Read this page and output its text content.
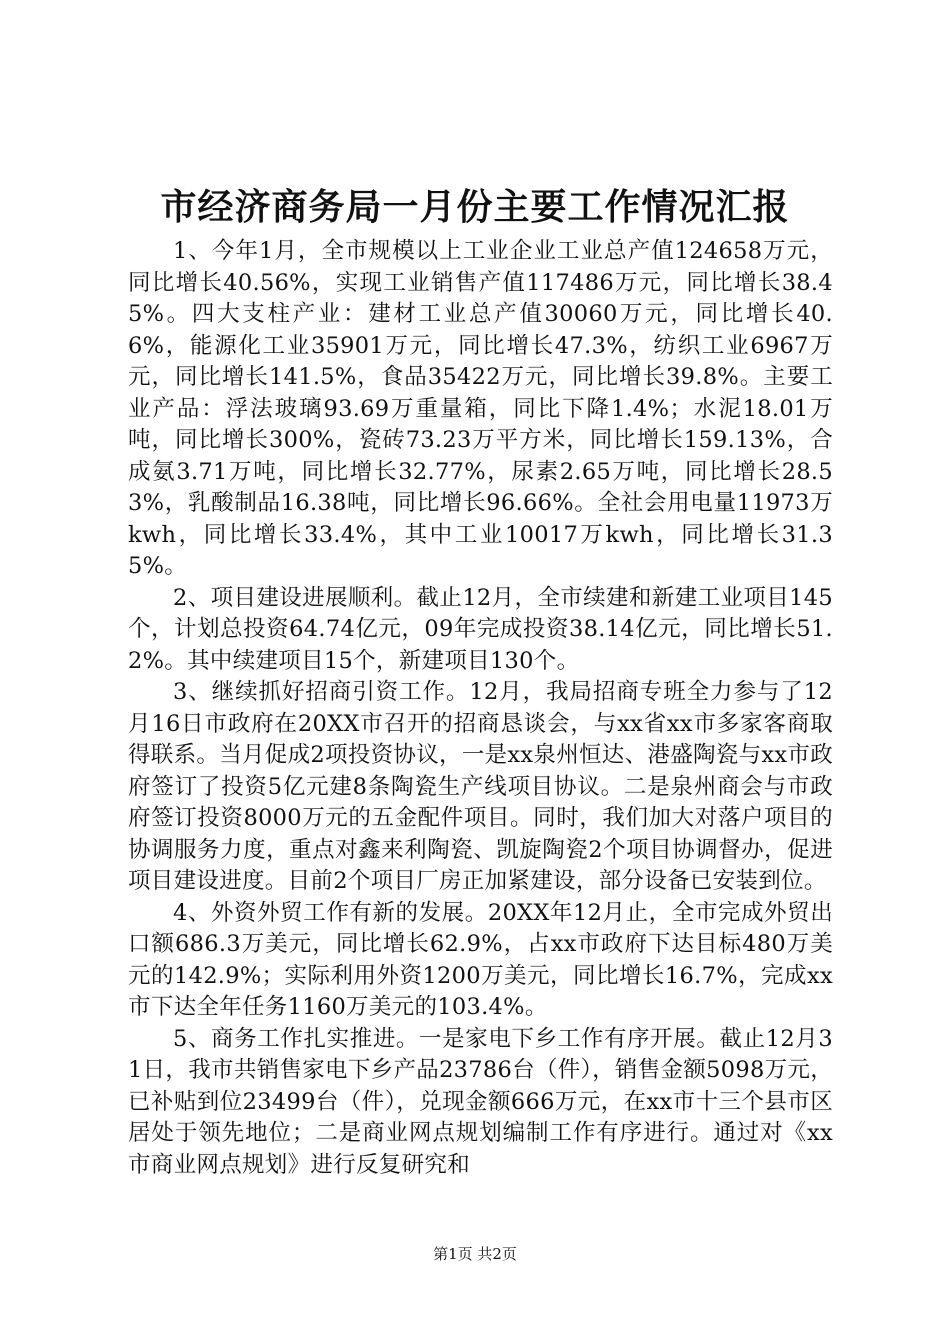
市经济商务局一月份主要工作情况汇报

1、今年1月，全市规模以上工业企业工业总产值124658万元，同比增长40.56%，实现工业销售产值117486万元，同比增长38.45%。四大支柱产业：建材工业总产值30060万元，同比增长40.6%，能源化工业35901万元，同比增长47.3%，纺织工业6967万元，同比增长141.5%，食品35422万元，同比增长39.8%。主要工业产品：浮法玻璃93.69万重量箱，同比下降1.4%；水泥18.01万吨，同比增长300%，瓷砖73.23万平方米，同比增长159.13%，合成氨3.71万吨，同比增长32.77%，尿素2.65万吨，同比增长28.53%，乳酸制品16.38吨，同比增长96.66%。全社会用电量11973万kwh，同比增长33.4%，其中工业10017万kwh，同比增长31.35%。

2、项目建设进展顺利。截止12月，全市续建和新建工业项目145个，计划总投资64.74亿元，09年完成投资38.14亿元，同比增长51.2%。其中续建项目15个，新建项目130个。

3、继续抓好招商引资工作。12月，我局招商专班全力参与了12月16日市政府在20XX市召开的招商恳谈会，与xx省xx市多家客商取得联系。当月促成2项投资协议，一是xx泉州恒达、港盛陶瓷与xx市政府签订了投资5亿元建8条陶瓷生产线项目协议。二是泉州商会与市政府签订投资8000万元的五金配件项目。同时，我们加大对落户项目的协调服务力度，重点对鑫来利陶瓷、凯旋陶瓷2个项目协调督办，促进项目建设进度。目前2个项目厂房正加紧建设，部分设备已安装到位。

4、外资外贸工作有新的发展。20XX年12月止，全市完成外贸出口额686.3万美元，同比增长62.9%，占xx市政府下达目标480万美元的142.9%；实际利用外资1200万美元，同比增长16.7%，完成xx市下达全年任务1160万美元的103.4%。

5、商务工作扎实推进。一是家电下乡工作有序开展。截止12月31日，我市共销售家电下乡产品23786台（件），销售金额5098万元，已补贴到位23499台（件），兑现金额666万元，在xx市十三个县市区居处于领先地位；二是商业网点规划编制工作有序进行。通过对《xx市商业网点规划》进行反复研究和

第1页 共2页
